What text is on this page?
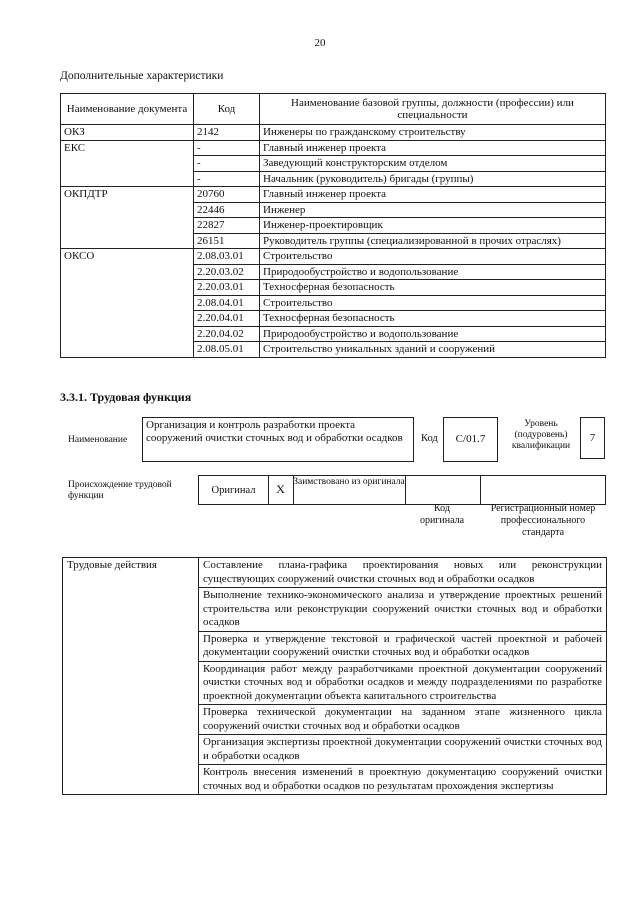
20
Дополнительные характеристики
Наименование документа	Код	Наименование базовой группы, должности (профессии) или специальности
ОКЗ	2142	Инженеры по гражданскому строительству
ЕКС	-	Главный инженер проекта
	-	Заведующий конструкторским отделом
	-	Начальник (руководитель) бригады (группы)
ОКПДТР	20760	Главный инженер проекта
	22446	Инженер
	22827	Инженер-проектировщик
	26151	Руководитель группы (специализированной в прочих отраслях)
ОКСО	2.08.03.01	Строительство
	2.20.03.02	Природообустройство и водопользование
	2.20.03.01	Техносферная безопасность
	2.08.04.01	Строительство
	2.20.04.01	Техносферная безопасность
	2.20.04.02	Природообустройство и водопользование
	2.08.05.01	Строительство уникальных зданий и сооружений
3.3.1. Трудовая функция
Наименование
Организация и контроль разработки проекта сооружений очистки сточных вод и обработки осадков	Код	С/01.7
Уровень (подуровень) квалификации
7
Происхождение трудовой функции	Оригинал	X Заимствовано из оригинала
Код оригинала
Регистрационный номер профессионального стандарта
Трудовые действия	Составление плана-графика проектирования новых или реконструкции существующих сооружений очистки сточных вод и обработки осадков
Выполнение технико-экономического анализа и утверждение проектных решений строительства или реконструкции сооружений очистки сточных вод и обработки осадков
Проверка и утверждение текстовой и графической частей проектной и рабочей документации сооружений очистки сточных вод и обработки осадков
Координация работ между разработчиками проектной документации сооружений очистки сточных вод и обработки осадков и между подразделениями по разработке проектной документации объекта капитального строительства
Проверка технической документации на заданном этапе жизненного цикла сооружений очистки сточных вод и обработки осадков
Организация экспертизы проектной документации сооружений очистки сточных вод и обработки осадков
Контроль внесения изменений в проектную документацию сооружений очистки сточных вод и обработки осадков по результатам прохождения экспертизы
